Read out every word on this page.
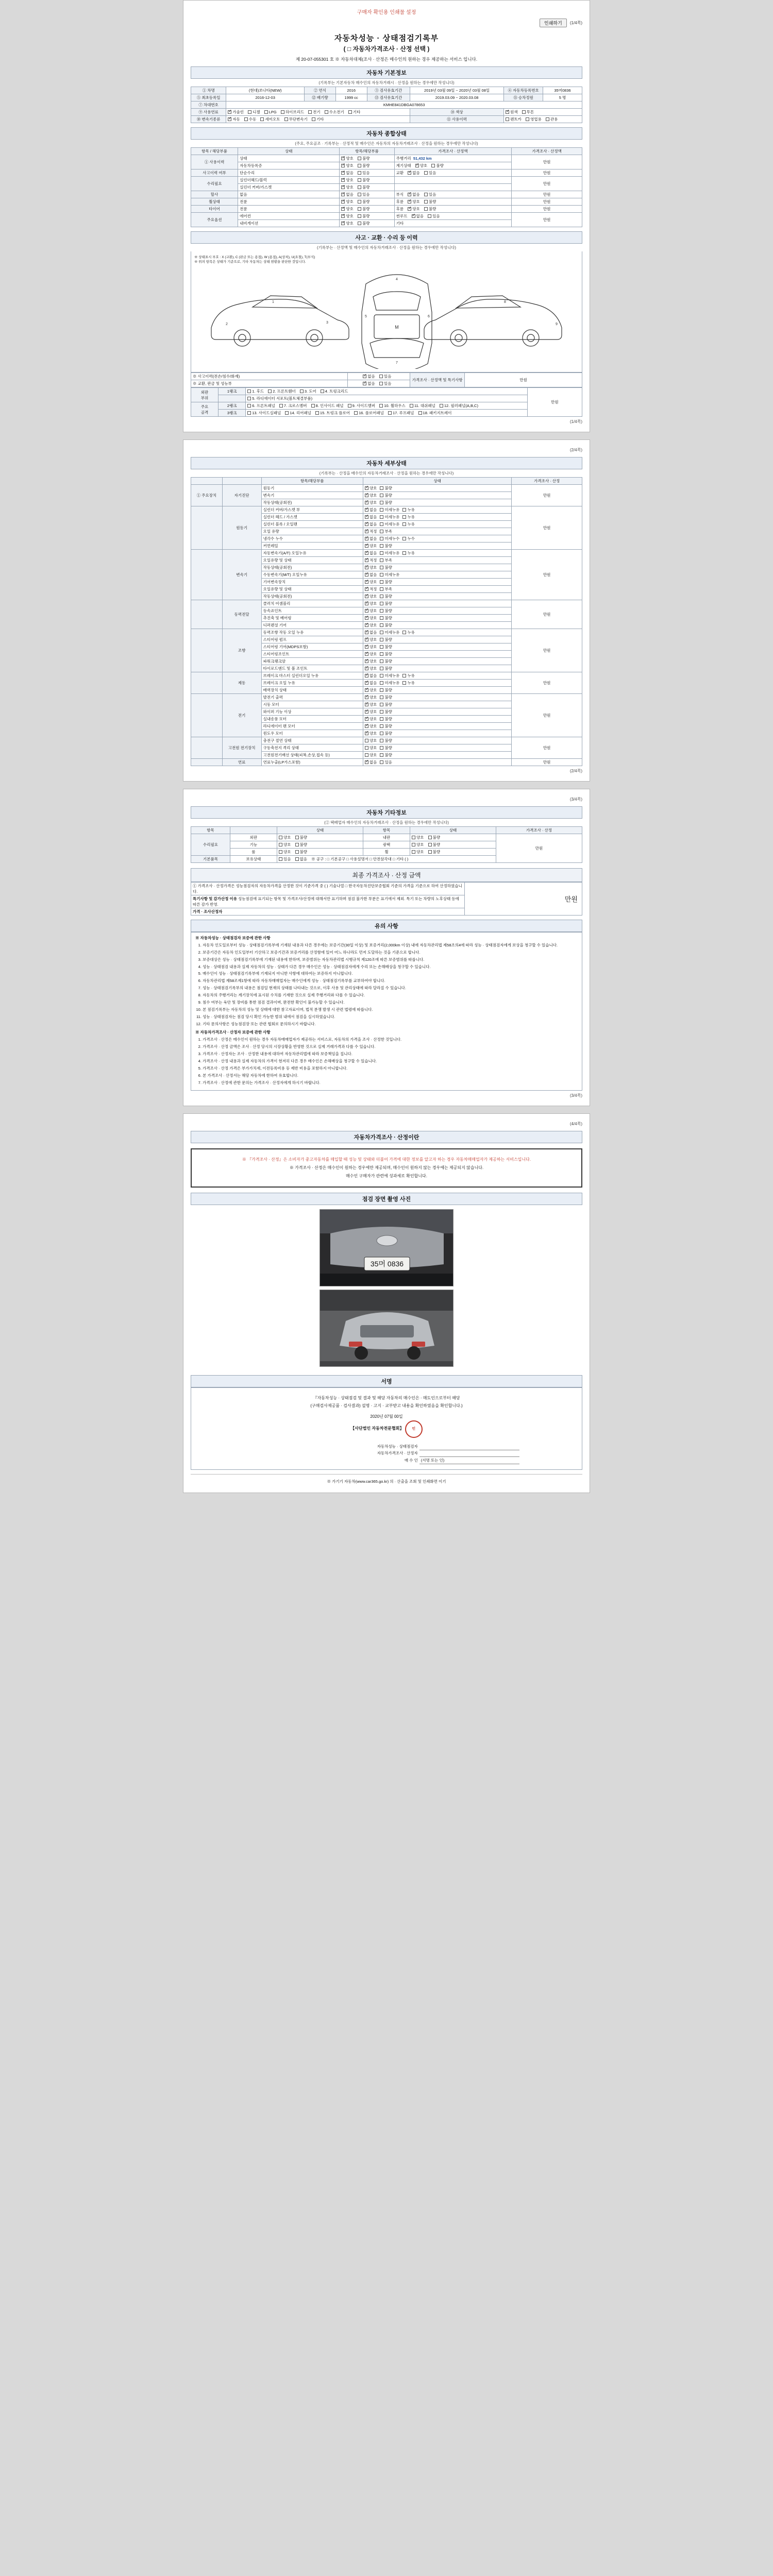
구매자 확인용 인쇄물 설정
인쇄하기	(1/4쪽)
자동차성능 · 상태점검기록부
( □ 자동차가격조사 · 산정 선택 )
제 20-07-055301 호 ※ 자동차대체(조사 · 산정은 매수인의 원하는 경우 제공하는 서비스 입니다.
자동차 기본정보
(기록부는 기본자동차 매수인의 자동차거래시 · 산정을 원하는 경우에만 작성니다)
① 차명	(현대)쏘나타(NEW)	② 연식	2016	③ 검사유효기간	2019년 03월 09일 ~ 2020년 03월 08일	④ 자동차등록번호	35머0836
⑤ 최초등록일	2016-12-03	⑫ 배기량	1999 cc	⑬ 검사유효기간	2019.03.09 ~ 2020.03.08	⑮ 승차정원	5 명
⑦ 차대번호	KMHE841DBGA078653						
⑨ 사용연료	✓가솔린 디젤 LPG 하이브리드 전기 수소전기 기타				⑭ 색상	✓원색 투톤
⑩ 변속기종류	✓자동 수동 세미오토 무단변속기 기타				⑪ 사용이력	렌트카 영업용 관용	
자동차 종합상태
(주요, 주요골조 · 기록부는 · 산정적 및 매수인은 자동차의 자동차거래조사 · 산정을 원하는 경우에만 작성니다)
항목 / 해당부품	상태	항목/해당부품	가격조사 · 산정액	가격조사 · 산정액
① 사용이력	상태	✓양호 불량	주행거리 51,432 km	만원
	자동차등록증	✓양호 불량	계기상태 ✓ 양호 불량
사고이력 여부	단순수리	✓없음 있음	교환 ✓ 없음 있음	만원
수리필요	실린더헤드/블럭	✓양호 불량		만원
	실린더 커버/가스켓	✓양호 불량	
할사	없음	✓없음 있음	부식 ✓ 없음 있음	만원
휠상태	전륜	✓양호 불량	후륜 ✓ 양호 불량	만원
타이어	전륜	✓양호 불량	후륜 ✓ 양호 불량	만원
주요옵션	에어컨	✓양호 불량	썬루프 ✓ 없음 있음	만원
	내비게이션	✓양호 불량	기타	
사고 · 교환 · 수리 등 이력
(기록부는 · 산정액 및 매수인의 자동차거래조사 · 산정을 원하는 경우에만 작성니다)
※ 상태표시 부호 : X (교환), C (판금 또는 용접), W (용접), A(상처), U(요철), T(부식)
※ 위의 항목은 상태가 기준으로, 기타 자동차는 상태 현황을 판단한 것입니다.
M
1
2	3
4
5	6
7
8
9
※ 사고이력(전손/침수/화재)	✓없음 있음	가격조사 · 산정액 및 특기사항	만원
※ 교환, 판금 및 성능부	✓없음 있음
외판
부위	1랭크	1. 후드 2. 프론트휀더 3. 도어 4. 트렁크리드	만원
		5. 라디에이터 서포트(볼트체결부품)	
주요
골격	2랭크	6. 프론트패널 7. 크로스멤버 8. 인사이드 패널 9. 사이드멤버 10. 휠하우스 11. 대쉬패널 12. 필러패널(A,B,C)	
	3랭크	13. 사이드실패널 14. 리어패널 15. 트렁크 플로어 16. 플로어패널 17. 루프패널 18. 패키지트레이	
(1/4쪽)
(2/4쪽)
자동차 세부상태
(기록부는 · 산정을 매수인의 자동차거래조사 · 산정을 원하는 경우에만 작성니다)
		항목/해당부품	상태	가격조사 · 산정
① 주요장치	자기진단	원동기	✓양호 불량	만원
		변속기	✓양호 불량
		작동상태(공회전)	✓양호 불량
	원동기	실린더 커버/가스켓 부	✓없음 미세누유 누유	만원
		실린더 헤드 / 가스켓	✓없음 미세누유 누유
		실린더 블록 / 오일팬	✓없음 미세누유 누유
		오일 유량	✓적정 부족
		냉각수 누수	✓없음 미세누수 누수
		커먼레일	✓양호 불량
	변속기	자동변속기(A/T) 오일누유	✓없음 미세누유 누유	만원
		오일유량 및 상태	✓적정 부족
		작동상태(공회전)	✓양호 불량
		수동변속기(M/T) 오일누유	✓없음 미세누유
		기어변속장치	✓양호 불량
		오일유량 및 상태	✓적정 부족
		작동상태(공회전)	✓양호 불량
	동력전달	클러치 어셈블리	✓양호 불량	만원
		등속죠인트	✓양호 불량
		추진축 및 베어링	✓양호 불량
		디퍼렌셜 기어	✓양호 불량
	조향	동력조향 작동 오일 누유	✓없음 미세누유 누유	만원
		스티어링 펌프	✓양호 불량
		스티어링 기어(MDPS포함)	✓양호 불량
		스티어링조인트	✓양호 불량
		파워크랭크암	✓양호 불량
		타이로드엔드 및 볼 조인트	✓양호 불량
	제동	브레이크 마스터 실린더오일 누유	✓없음 미세누유 누유	만원
		브레이크 오일 누유	✓없음 미세누유 누유
		배력장치 상태	✓양호 불량
	전기	발전기 출력	✓양호 불량	만원
		시동 모터	✓양호 불량
		와이퍼 기능 이상	✓양호 불량
		실내송풍 모터	✓양호 불량
		라디에이터 팬 모터	✓양호 불량
		윈도우 모터	✓양호 불량
	고전원 전기장치	충전구 절연 상태	양호 불량	만원
		구동축전지 격리 상태	양호 불량	
		고전원전기배선 상태(피복,손상,접속 등)	양호 불량	
	연료	연료누출(LP가스포함)	✓없음 있음	만원
(2/4쪽)
(3/4쪽)
자동차 기타정보
(② 택배업자 매수인의 자동차거래조사 · 산정을 원하는 경우에만 작성니다)
항목		상태	항목	상태	가격조사 · 산정
수리필요	외판	양호 불량	내판	양호 불량	만원
	기능	양호 불량	광택	양호 불량	
	룸	양호 불량	휠	양호 불량	
기본품목	보유상태	있음 없음 ※ 공구 : □ 기본공구 □ 사용설명서 □ 안전삼각대 □ 기타 ( )			
최종 가격조사 · 산정 금액
① 가격조사 · 산정가격은 성능점검자의 자동차가격을 산정한 것이 기준가격 중 ( ) 기술나열 □ 한국자동차진단보증협회 기준의 가격을 기준으로 하여 산정하였습니다.	만원
특기사항 및 감가산정 이유 성능점검에 표기되는 항목 및 가격조사/산정에 대해서만 표기하며 점검 불가한 부분은 표기에서 제외. 특기 또는 차량의 노후상태 등에 따른 감가 반영.
가격 · 조사산정자
유의 사항
※ 자동차성능 · 상태점검자 보증에 관한 사항
1. 자동차 인도일로부터 성능 · 상태점검기록부에 기재된 내용과 다른 경우에는 보증기간(30일 이상) 및 보증거리(2,000km 이상) 내에 자동차관리법 제58조의4에 따라 성능 · 상태점검자에게 보상을 청구할 수 있습니다.
2. 보증기간은 자동차 인도일부터 기산하고 보증기간과 보증거리를 산정함에 있어 어느 하나라도 먼저 도달하는 것을 기준으로 합니다.
3. 보증대상은 성능 · 상태점검기록부에 기재된 내용에 한하며, 보증범위는 자동차관리법 시행규칙 제120조에 따른 보증범위를 따릅니다.
4. 성능 · 상태점검 내용과 실제 자동차의 성능 · 상태가 다른 경우 매수인은 성능 · 상태점검자에게 수리 또는 손해배상을 청구할 수 있습니다.
5. 매수인이 성능 · 상태점검기록부에 기재되지 아니한 사항에 대하여는 보증하지 아니합니다.
6. 자동차관리법 제58조제1항에 따라 자동차매매업자는 매수인에게 성능 · 상태점검기록부를 교부하여야 합니다.
7. 성능 · 상태점검기록부의 내용은 점검일 현재의 상태를 나타내는 것으로, 이후 사용 및 관리상태에 따라 달라질 수 있습니다.
8. 자동차의 주행거리는 계기장치에 표시된 수치를 기재한 것으로 실제 주행거리와 다를 수 있습니다.
9. 침수 여부는 육안 및 장비를 통한 점검 결과이며, 완전한 확인이 불가능할 수 있습니다.
10. 본 점검기록부는 자동차의 성능 및 상태에 대한 참고자료이며, 법적 분쟁 발생 시 관련 법령에 따릅니다.
11. 성능 · 상태점검자는 점검 당시 확인 가능한 범위 내에서 점검을 실시하였습니다.
12. 기타 문의사항은 성능점검장 또는 관련 협회로 문의하시기 바랍니다.
※ 자동차가격조사 · 산정자 보증에 관한 사항
1. 가격조사 · 산정은 매수인이 원하는 경우 자동차매매업자가 제공하는 서비스로, 자동차의 가격을 조사 · 산정한 것입니다.
2. 가격조사 · 산정 금액은 조사 · 산정 당시의 시장상황을 반영한 것으로 실제 거래가격과 다를 수 있습니다.
3. 가격조사 · 산정자는 조사 · 산정한 내용에 대하여 자동차관리법에 따라 보증책임을 집니다.
4. 가격조사 · 산정 내용과 실제 자동차의 가격이 현저히 다른 경우 매수인은 손해배상을 청구할 수 있습니다.
5. 가격조사 · 산정 가격은 부가가치세, 이전등록비용 등 제반 비용을 포함하지 아니합니다.
6. 본 가격조사 · 산정서는 해당 자동차에 한하여 유효합니다.
7. 가격조사 · 산정에 관한 문의는 가격조사 · 산정자에게 하시기 바랍니다.
(3/4쪽)
(4/4쪽)
자동차가격조사 · 산정이란

※ 『가격조사 · 산정』은 소비자가 중고자동차를 매입할 때 성능 및 상태와 더불어 가격에 대한 정보를 알고자 하는 경우 자동차매매업자가 제공하는 서비스입니다.

※ 가격조사 · 산정은 매수인이 원하는 경우에만 제공되며, 매수인이 원하지 않는 경우에는 제공되지 않습니다.

매수인 구매자가 관련에 성과세로 확인합니다.

점검 장면 촬영 사진
35머 0836
서명

『자동차성능 · 상태점검 및 결과 및 해당 자동차의 매수인은 · 매도인으로부터 해당

(구매검사제공품 · 검사결과) 설명 · 고지 · 교부받고 내용을 확인하였음을 확인합니다.)

2020년 07월 00일

【사단법인 자동차전문협회】 인

자동차성능 · 상태점검자	
자동차가격조사 · 산정자	
매 수 인	(서명 또는 인)
※ 가기기 자동차(www.car365.go.kr) 의 · 산출을 조회 및 인쇄화면 이기
